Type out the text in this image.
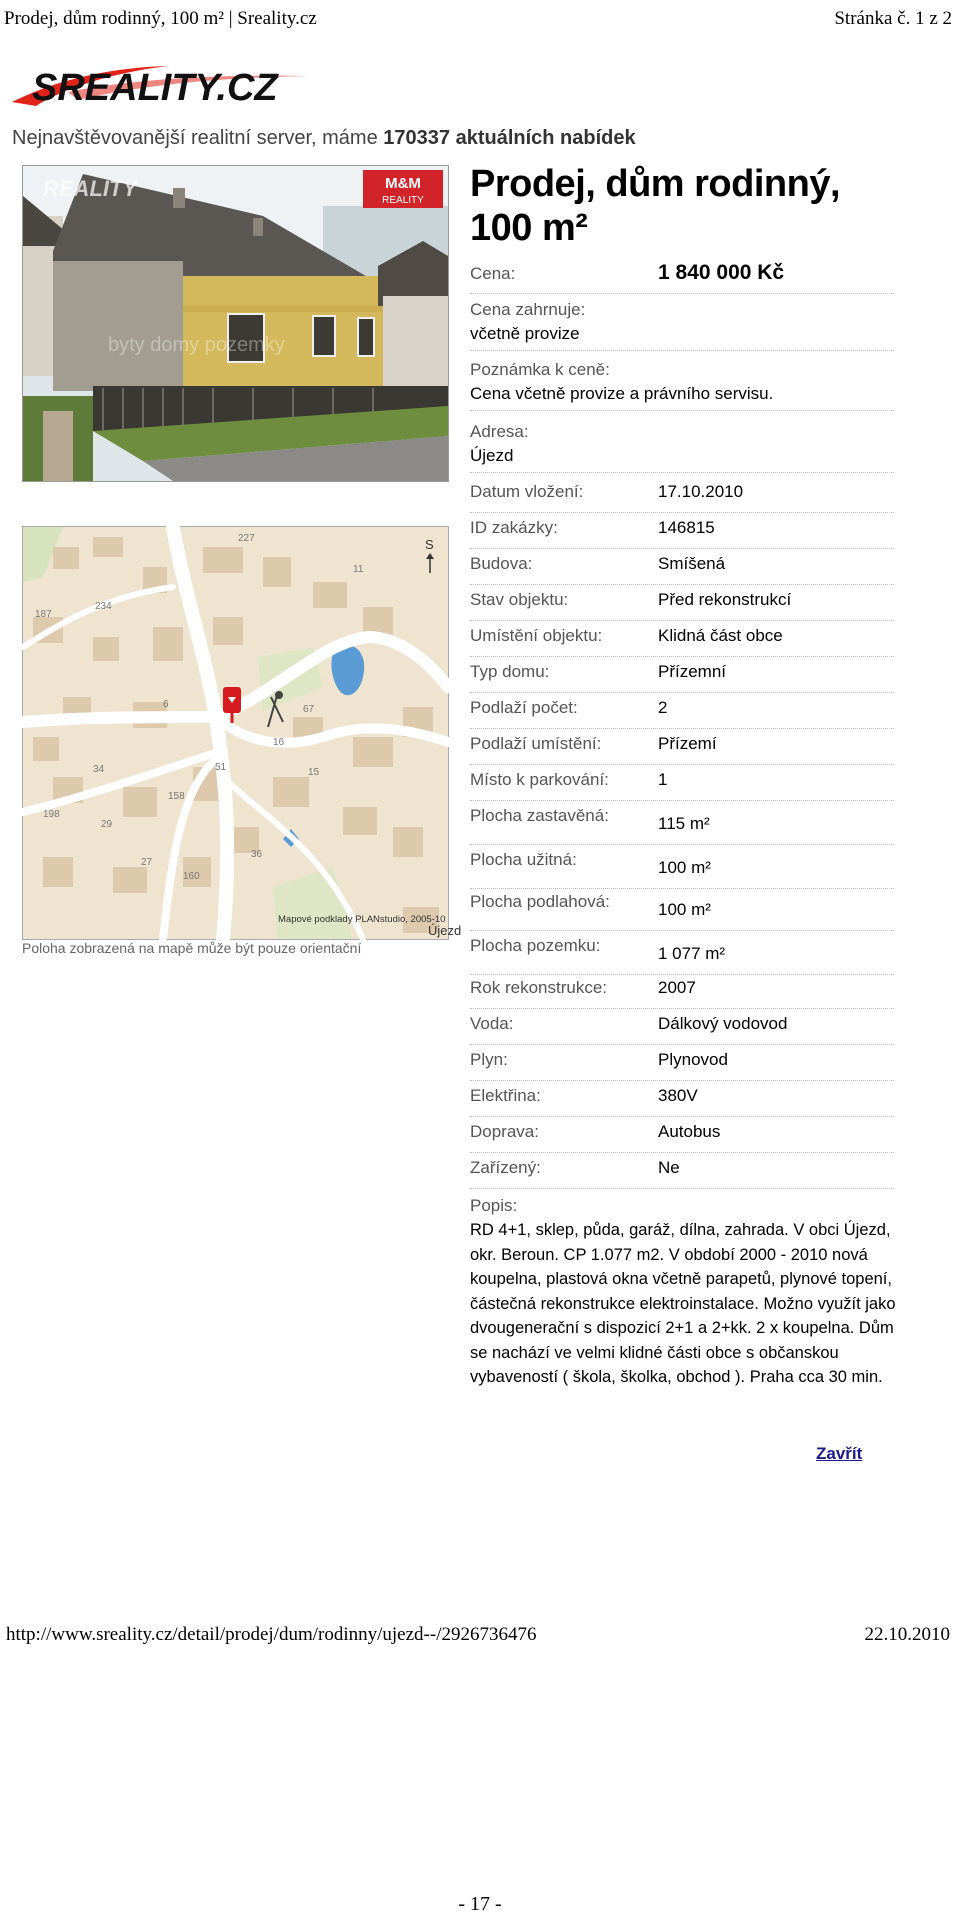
Prodej, dům rodinný, 100 m² | Sreality.cz	Stránka č. 1 z 2
SREALITY.CZ
Nejnavštěvovanější realitní server, máme 170337 aktuálních nabídek
M&M
REALITY
REALITY
byty domy pozemky
227
11
187
234
6	67
34	51	15
158
198
29
160
27
36
16
S
Mapové podklady PLANstudio, 2005-10
Újezd
Poloha zobrazená na mapě může být pouze orientační
Prodej, dům rodinný, 100 m²
Cena:	1 840 000 Kč
Cena zahrnuje:
včetně provize
Poznámka k ceně:
Cena včetně provize a právního servisu.
Adresa:
Újezd
Datum vložení:	17.10.2010
ID zakázky:	146815
Budova:	Smíšená
Stav objektu:	Před rekonstrukcí
Umístění objektu:	Klidná část obce
Typ domu:	Přízemní
Podlaží počet:	2
Podlaží umístění:	Přízemí
Místo k parkování:	1
Plocha zastavěná:	115 m²
Plocha užitná:	100 m²
Plocha podlahová:	100 m²
Plocha pozemku:	1 077 m²
Rok rekonstrukce:	2007
Voda:	Dálkový vodovod
Plyn:	Plynovod
Elektřina:	380V
Doprava:	Autobus
Zařízený:	Ne
Popis:
RD 4+1, sklep, půda, garáž, dílna, zahrada. V obci Újezd, okr. Beroun. CP 1.077 m2. V období 2000 - 2010 nová koupelna, plastová okna včetně parapetů, plynové topení, částečná rekonstrukce elektroinstalace. Možno využít jako dvougenerační s dispozicí 2+1 a 2+kk. 2 x koupelna. Dům se nachází ve velmi klidné části obce s občanskou vybaveností ( škola, školka, obchod ). Praha cca 30 min.
Zavřít
http://www.sreality.cz/detail/prodej/dum/rodinny/ujezd--/2926736476	22.10.2010
- 17 -
